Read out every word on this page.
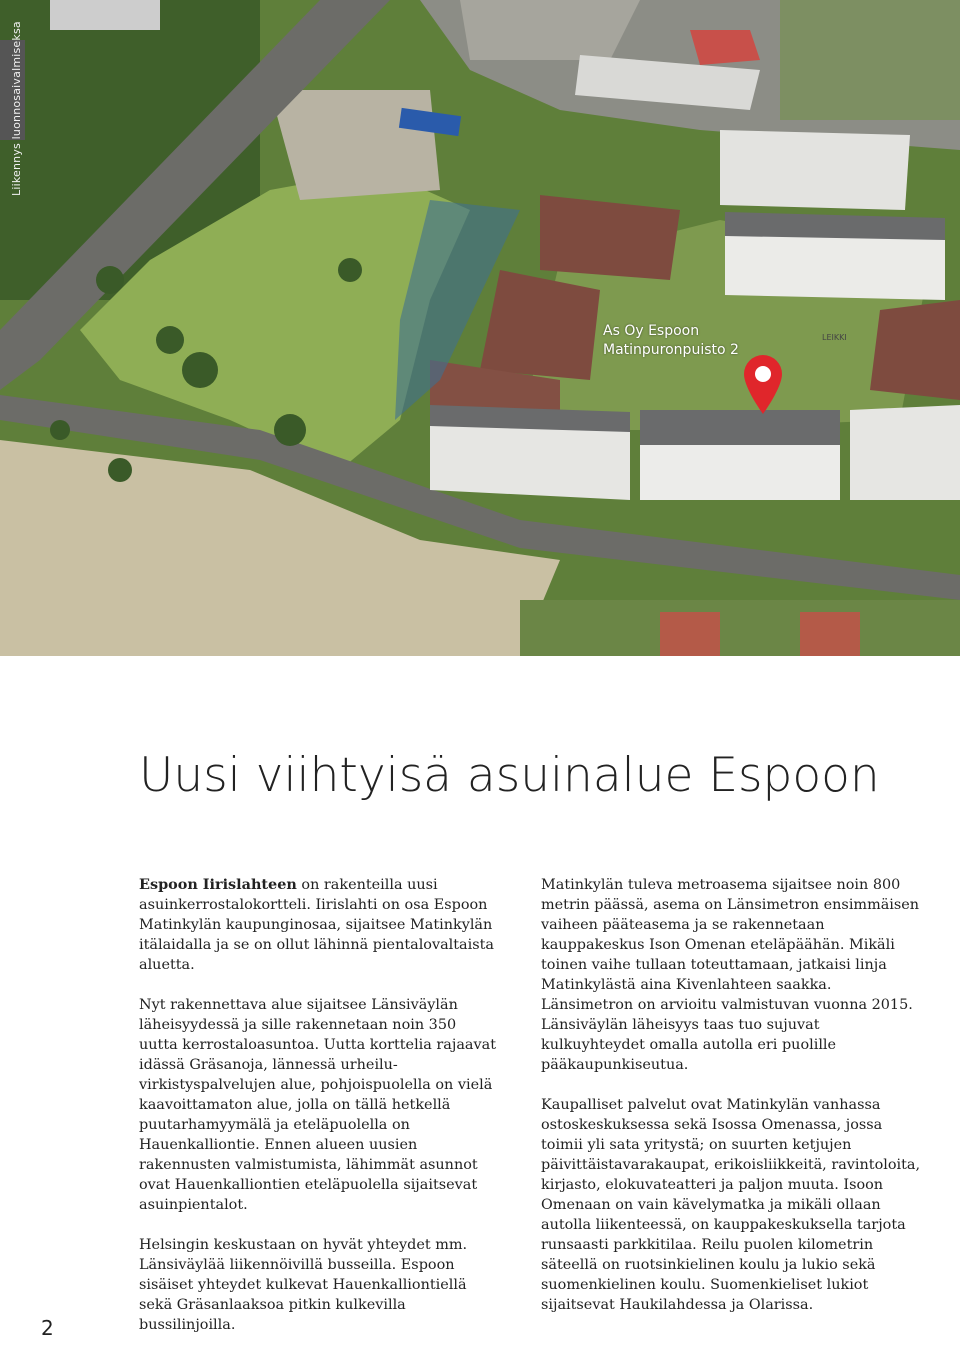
Liikennys luonnosaivalmiseksa
As Oy Espoon
Matinpuronpuisto 2
LEIKKI
Uusi viihtyisä asuinalue Espoon

Espoon Iirislahteen on rakenteilla uusi asuinkerrostalokortteli. Iirislahti on osa Espoon Matinkylän kaupunginosaa, sijaitsee Matinkylän itälaidalla ja se on ollut lähinnä pientalovaltaista aluetta.

Nyt rakennettava alue sijaitsee Länsiväylän läheisyydessä ja sille rakennetaan noin 350 uutta kerrostaloasuntoa. Uutta korttelia rajaavat idässä Gräsanoja, lännessä urheilu-virkistyspalvelujen alue, pohjoispuolella on vielä kaavoittamaton alue, jolla on tällä hetkellä puutarhamyymälä ja eteläpuolella on Hauenkalliontie. Ennen alueen uusien rakennusten valmistumista, lähimmät asunnot ovat Hauenkalliontien eteläpuolella sijaitsevat asuinpientalot.

Helsingin keskustaan on hyvät yhteydet mm. Länsiväylää liikennöivillä busseilla. Espoon sisäiset yhteydet kulkevat Hauenkalliontiellä sekä Gräsanlaaksoa pitkin kulkevilla bussilinjoilla.

Matinkylän tuleva metroasema sijaitsee noin 800 metrin päässä, asema on Länsimetron ensimmäisen vaiheen pääteasema ja se rakennetaan kauppakeskus Ison Omenan eteläpäähän. Mikäli toinen vaihe tullaan toteuttamaan, jatkaisi linja Matinkylästä aina Kivenlahteen saakka. Länsimetron on arvioitu valmistuvan vuonna 2015. Länsiväylän läheisyys taas tuo sujuvat kulkuyhteydet omalla autolla eri puolille pääkaupunkiseutua.

Kaupalliset palvelut ovat Matinkylän vanhassa ostoskeskuksessa sekä Isossa Omenassa, jossa toimii yli sata yritystä; on suurten ketjujen päivittäistavarakaupat, erikoisliikkeitä, ravintoloita, kirjasto, elokuvateatteri ja paljon muuta. Isoon Omenaan on vain kävelymatka ja mikäli ollaan autolla liikenteessä, on kauppakeskuksella tarjota runsaasti parkkitilaa. Reilu puolen kilometrin säteellä on ruotsinkielinen koulu ja lukio sekä suomenkielinen koulu. Suomenkieliset lukiot sijaitsevat Haukilahdessa ja Olarissa.

2
